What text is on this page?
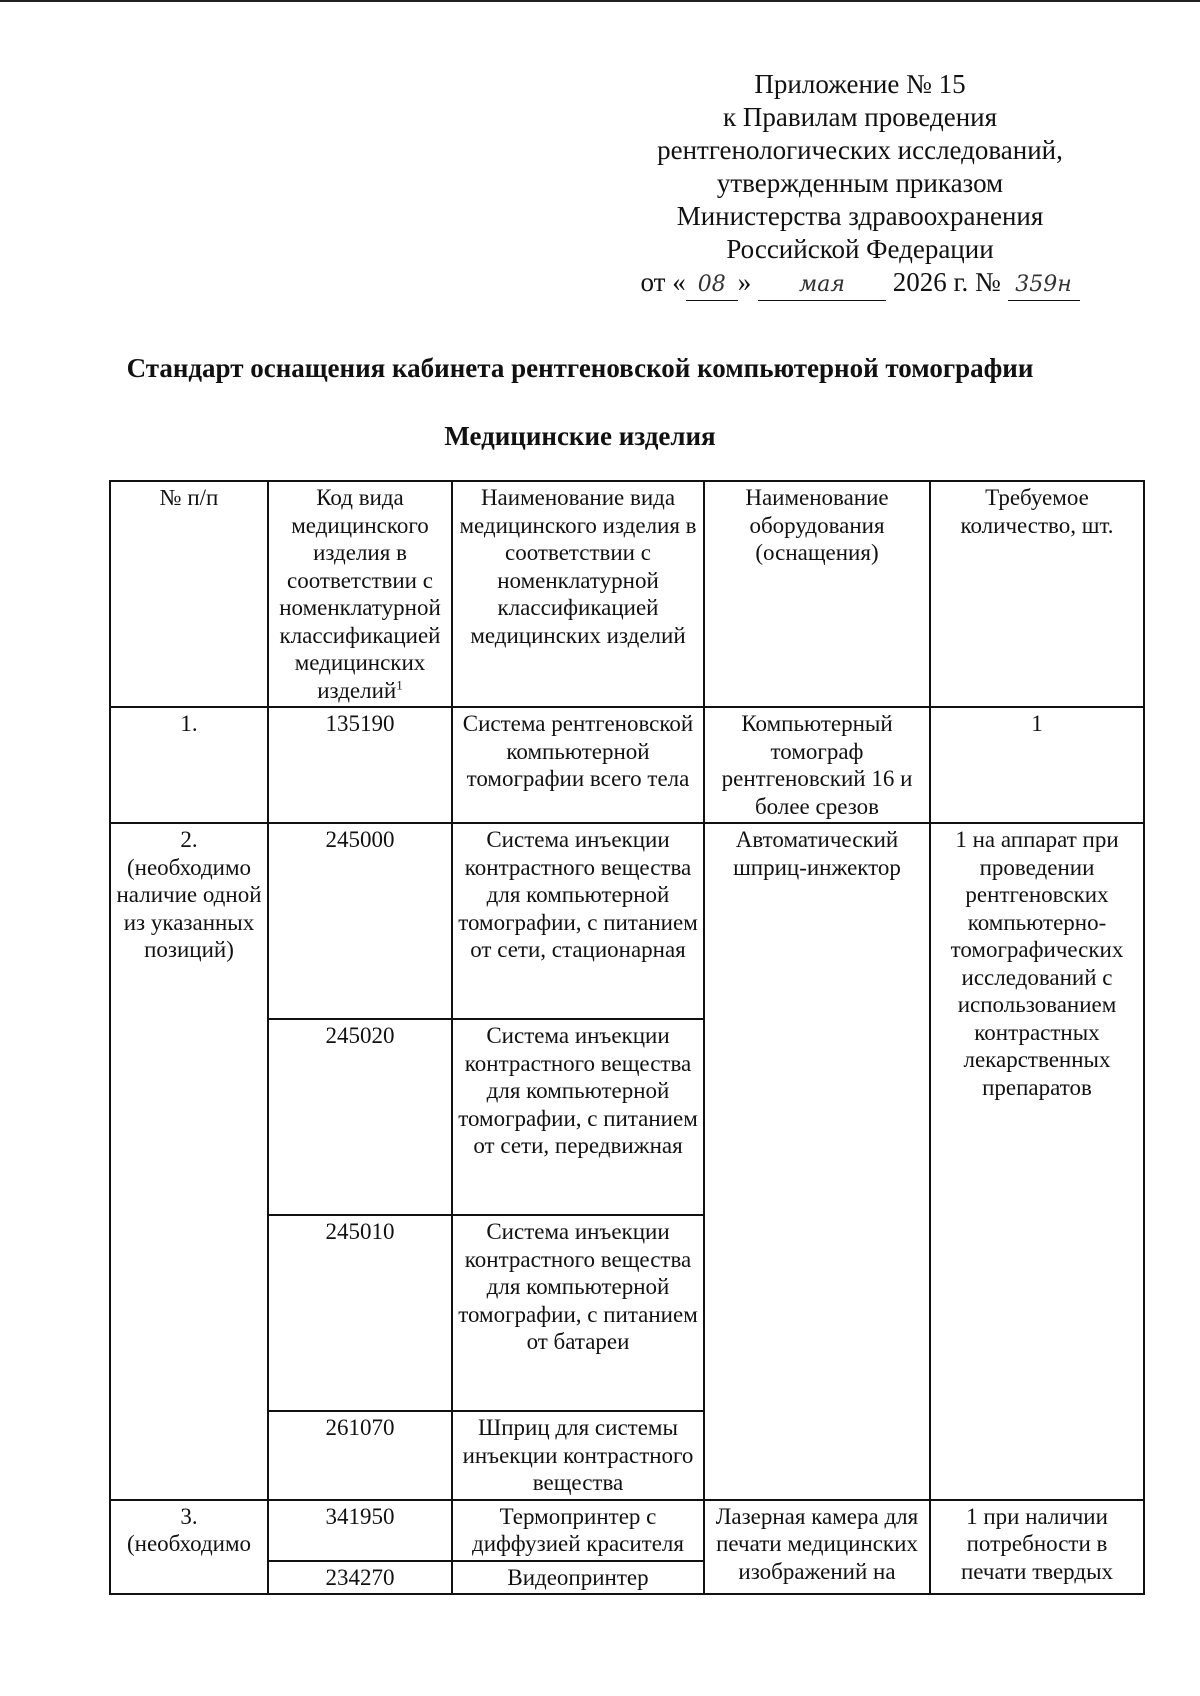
Приложение № 15
к Правилам проведения
рентгенологических исследований,
утвержденным приказом
Министерства здравоохранения
Российской Федерации
от « 08 » мая 2026 г. № 359н
Стандарт оснащения кабинета рентгеновской компьютерной томографии
Медицинские изделия
№ п/п	Код вида медицинского изделия в соответствии с номенклатурной классификацией медицинских изделий$^1$	Наименование вида медицинского изделия в соответствии с номенклатурной классификацией медицинских изделий	Наименование оборудования (оснащения)	Требуемое количество, шт.
1.	135190	Система рентгеновской компьютерной томографии всего тела	Компьютерный томограф рентгеновский 16 и более срезов	1

2.
(необходимо наличие одной из указанных позиций)	245000	Система инъекции контрастного вещества для компьютерной томографии, с питанием от сети, стационарная	Автоматический шприц-инжектор	1 на аппарат при проведении рентгеновских компьютерно-томографических исследований с использованием контрастных лекарственных препаратов
	245020	Система инъекции контрастного вещества для компьютерной томографии, с питанием от сети, передвижная		
	245010	Система инъекции контрастного вещества для компьютерной томографии, с питанием от батареи		
	261070	Шприц для системы инъекции контрастного вещества		

3.
(необходимо	341950	Термопринтер с диффузией красителя	Лазерная камера для печати медицинских изображений на	1 при наличии потребности в печати твердых
	234270	Видеопринтер		
